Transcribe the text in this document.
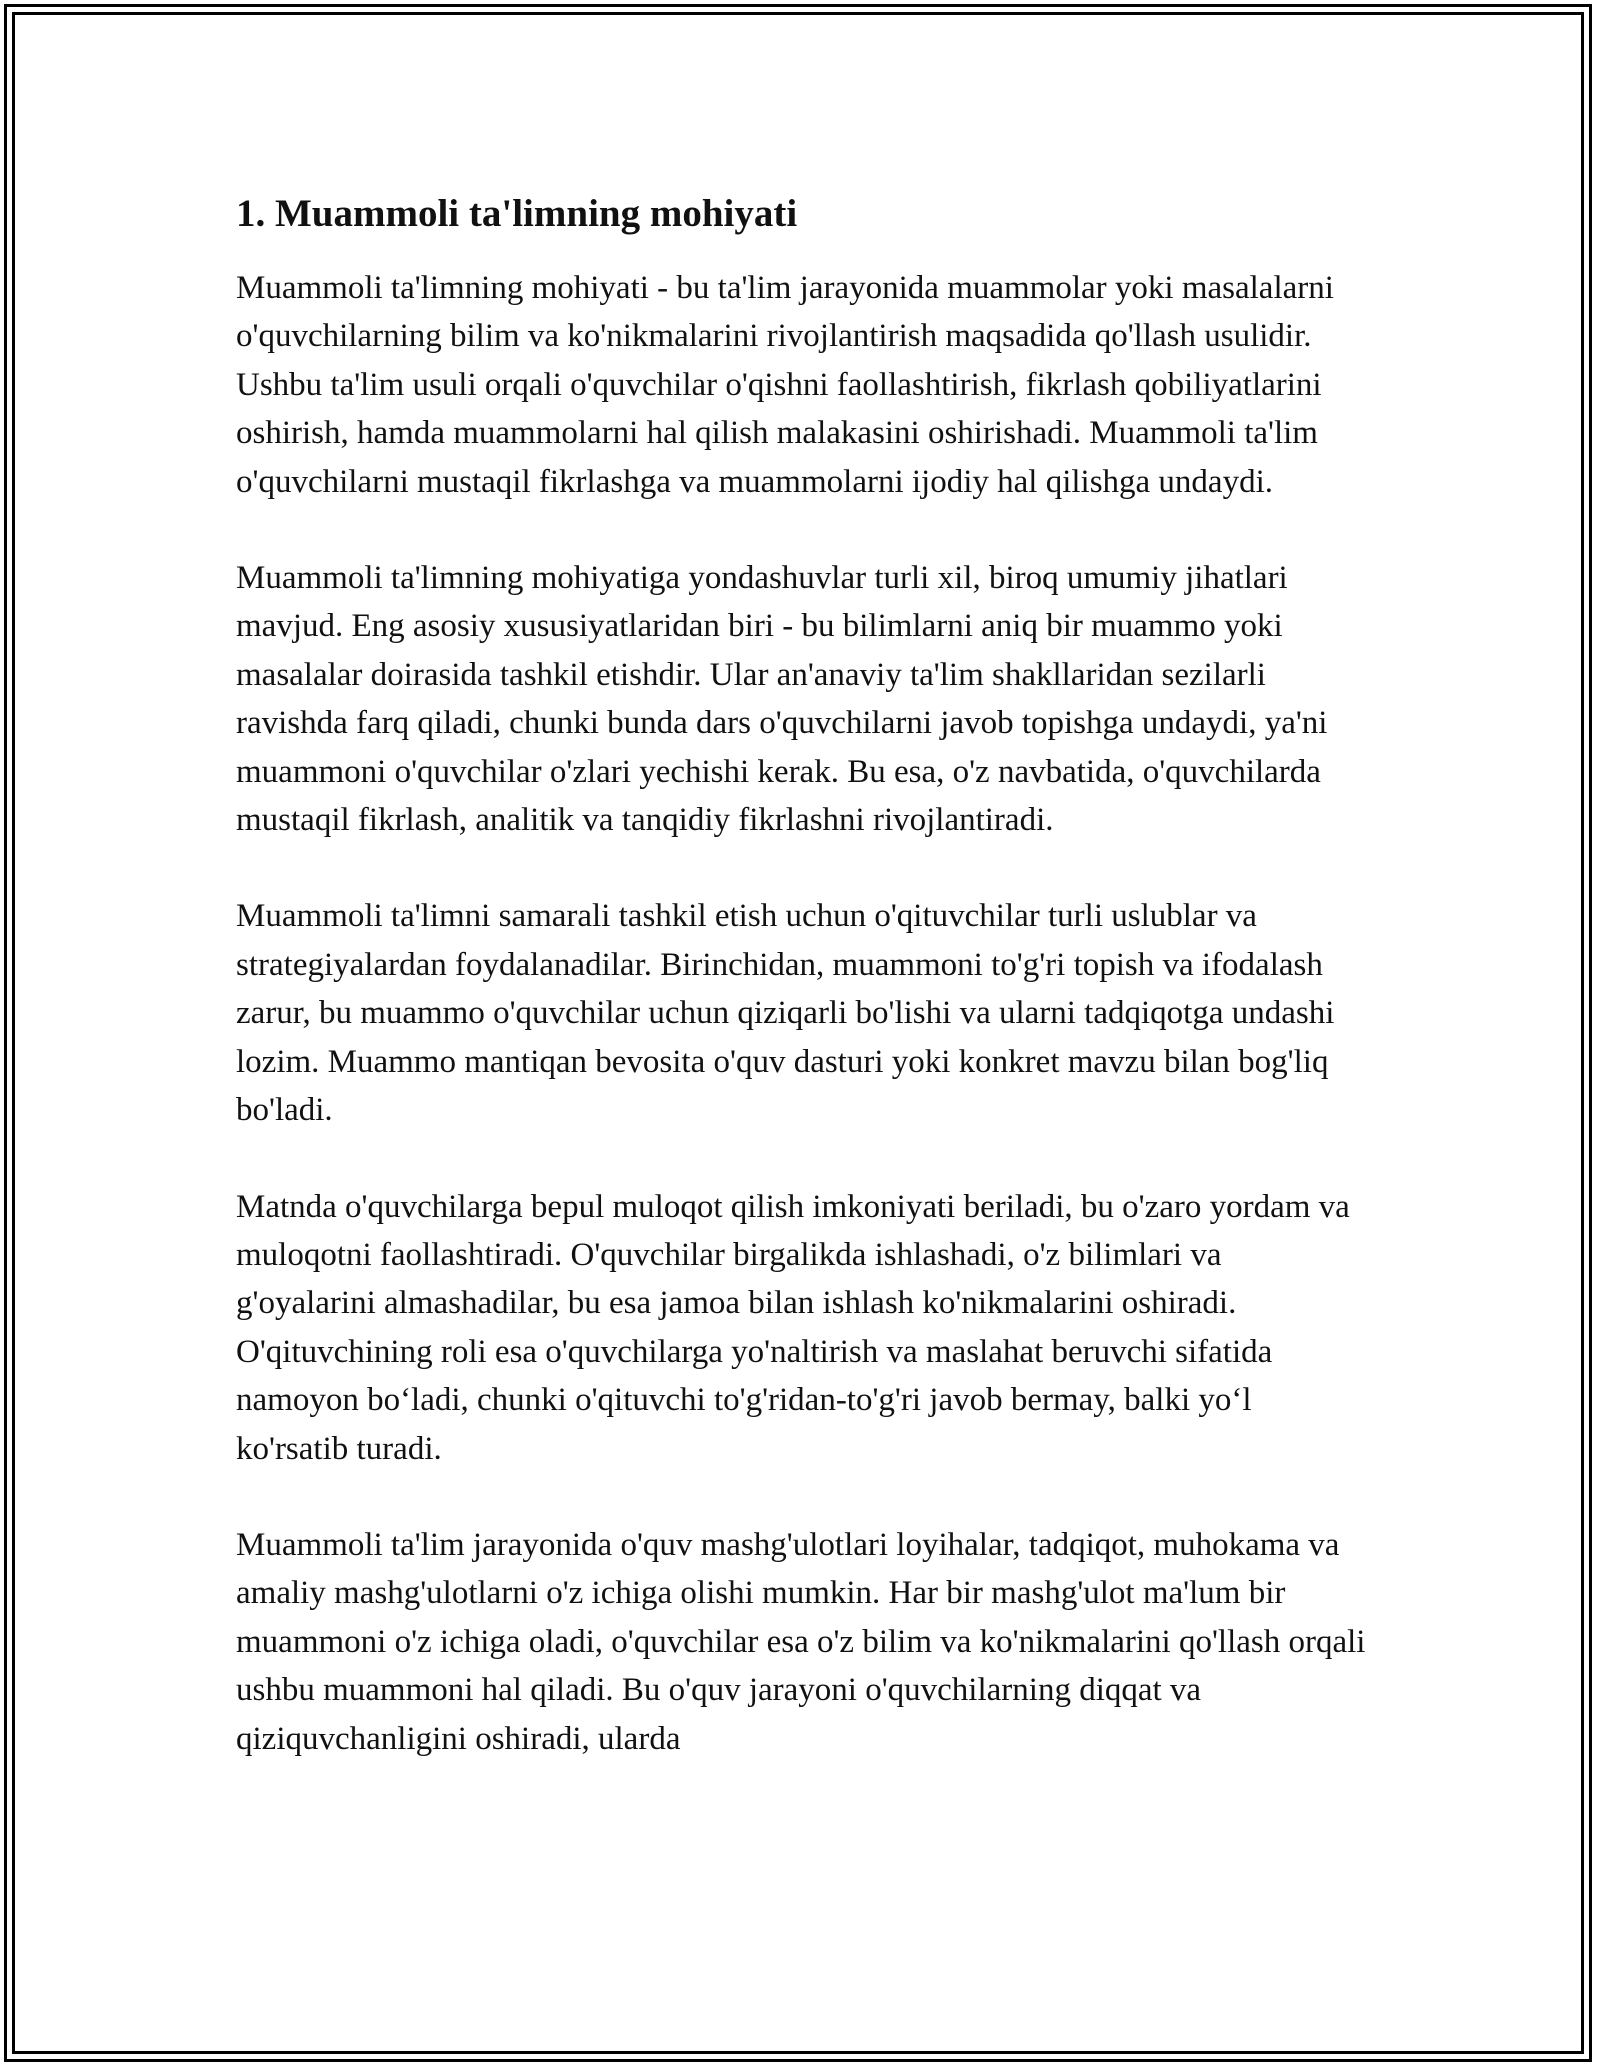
1. Muammoli ta'limning mohiyati

Muammoli ta'limning mohiyati - bu ta'lim jarayonida muammolar yoki masalalarni o'quvchilarning bilim va ko'nikmalarini rivojlantirish maqsadida qo'llash usulidir. Ushbu ta'lim usuli orqali o'quvchilar o'qishni faollashtirish, fikrlash qobiliyatlarini oshirish, hamda muammolarni hal qilish malakasini oshirishadi. Muammoli ta'lim o'quvchilarni mustaqil fikrlashga va muammolarni ijodiy hal qilishga undaydi.

Muammoli ta'limning mohiyatiga yondashuvlar turli xil, biroq umumiy jihatlari mavjud. Eng asosiy xususiyatlaridan biri - bu bilimlarni aniq bir muammo yoki masalalar doirasida tashkil etishdir. Ular an'anaviy ta'lim shakllaridan sezilarli ravishda farq qiladi, chunki bunda dars o'quvchilarni javob topishga undaydi, ya'ni muammoni o'quvchilar o'zlari yechishi kerak. Bu esa, o'z navbatida, o'quvchilarda mustaqil fikrlash, analitik va tanqidiy fikrlashni rivojlantiradi.

Muammoli ta'limni samarali tashkil etish uchun o'qituvchilar turli uslublar va strategiyalardan foydalanadilar. Birinchidan, muammoni to'g'ri topish va ifodalash zarur, bu muammo o'quvchilar uchun qiziqarli bo'lishi va ularni tadqiqotga undashi lozim. Muammo mantiqan bevosita o'quv dasturi yoki konkret mavzu bilan bog'liq bo'ladi.

Matnda o'quvchilarga bepul muloqot qilish imkoniyati beriladi, bu o'zaro yordam va muloqotni faollashtiradi. O'quvchilar birgalikda ishlashadi, o'z bilimlari va g'oyalarini almashadilar, bu esa jamoa bilan ishlash ko'nikmalarini oshiradi. O'qituvchining roli esa o'quvchilarga yo'naltirish va maslahat beruvchi sifatida namoyon bo‘ladi, chunki o'qituvchi to'g'ridan-to'g'ri javob bermay, balki yo‘l ko'rsatib turadi.

Muammoli ta'lim jarayonida o'quv mashg'ulotlari loyihalar, tadqiqot, muhokama va amaliy mashg'ulotlarni o'z ichiga olishi mumkin. Har bir mashg'ulot ma'lum bir muammoni o'z ichiga oladi, o'quvchilar esa o'z bilim va ko'nikmalarini qo'llash orqali ushbu muammoni hal qiladi. Bu o'quv jarayoni o'quvchilarning diqqat va qiziquvchanligini oshiradi, ularda
